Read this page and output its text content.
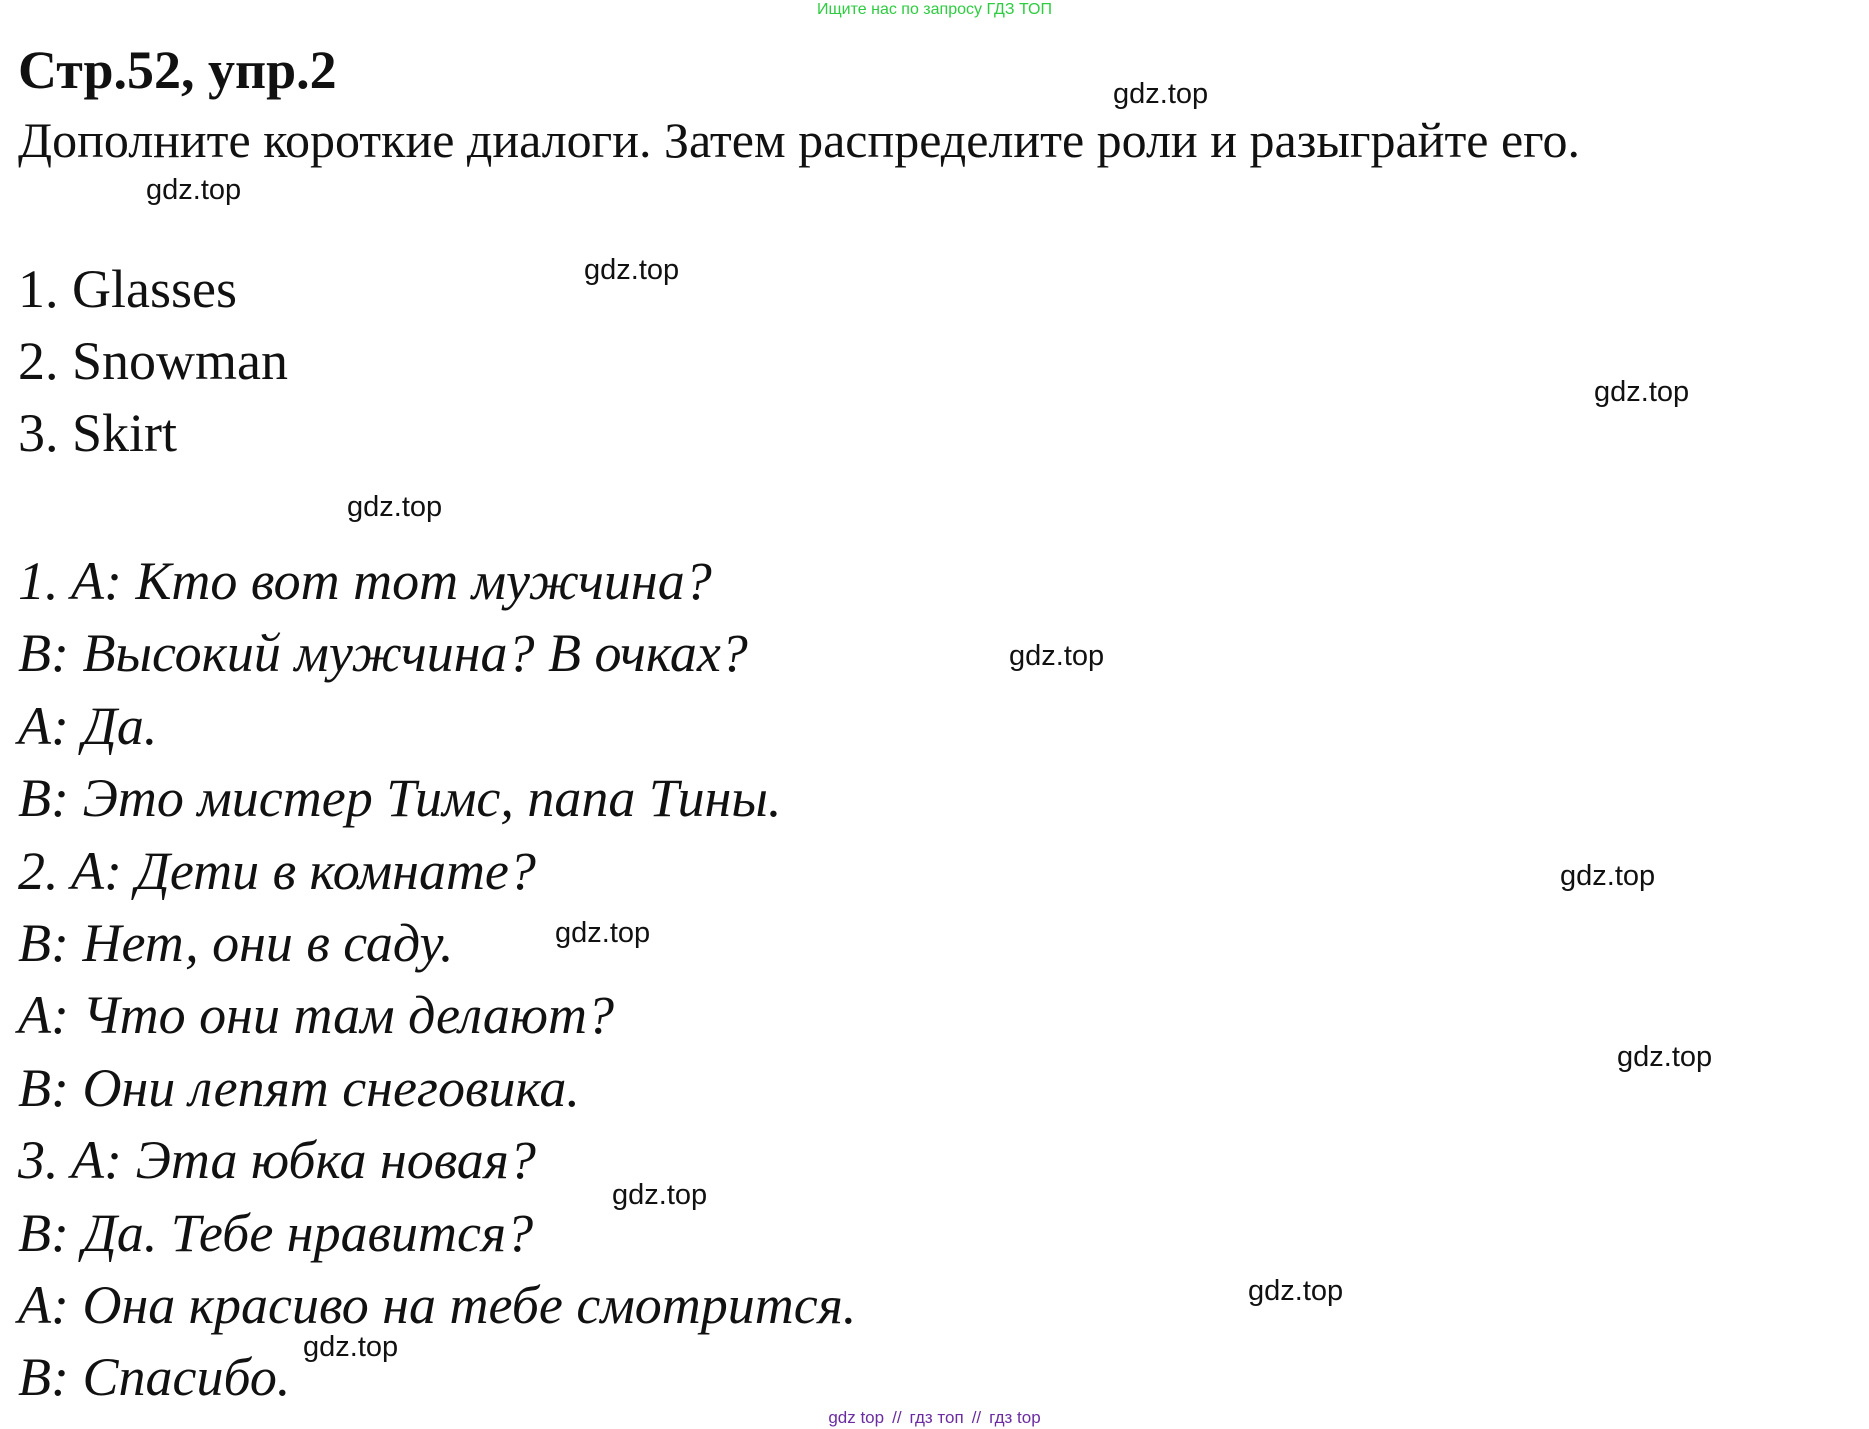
Ищите нас по запросу ГДЗ ТОП
Стр.52, упр.2

Дополните короткие диалоги. Затем распределите роли и разыграйте его.

1. Glasses
2. Snowman
3. Skirt
1. A: Кто вот тот мужчина?
B: Высокий мужчина? В очках?
A: Да.
B: Это мистер Тимс, папа Тины.
2. A: Дети в комнате?
B: Нет, они в саду.
A: Что они там делают?
B: Они лепят снеговика.
3. A: Эта юбка новая?
B: Да. Тебе нравится?
A: Она красиво на тебе смотрится.
B: Спасибо.
gdz.top
gdz.top
gdz.top
gdz.top
gdz.top
gdz.top
gdz.top
gdz.top
gdz.top
gdz.top
gdz.top
gdz.top
gdz top // гдз топ // гдз top
